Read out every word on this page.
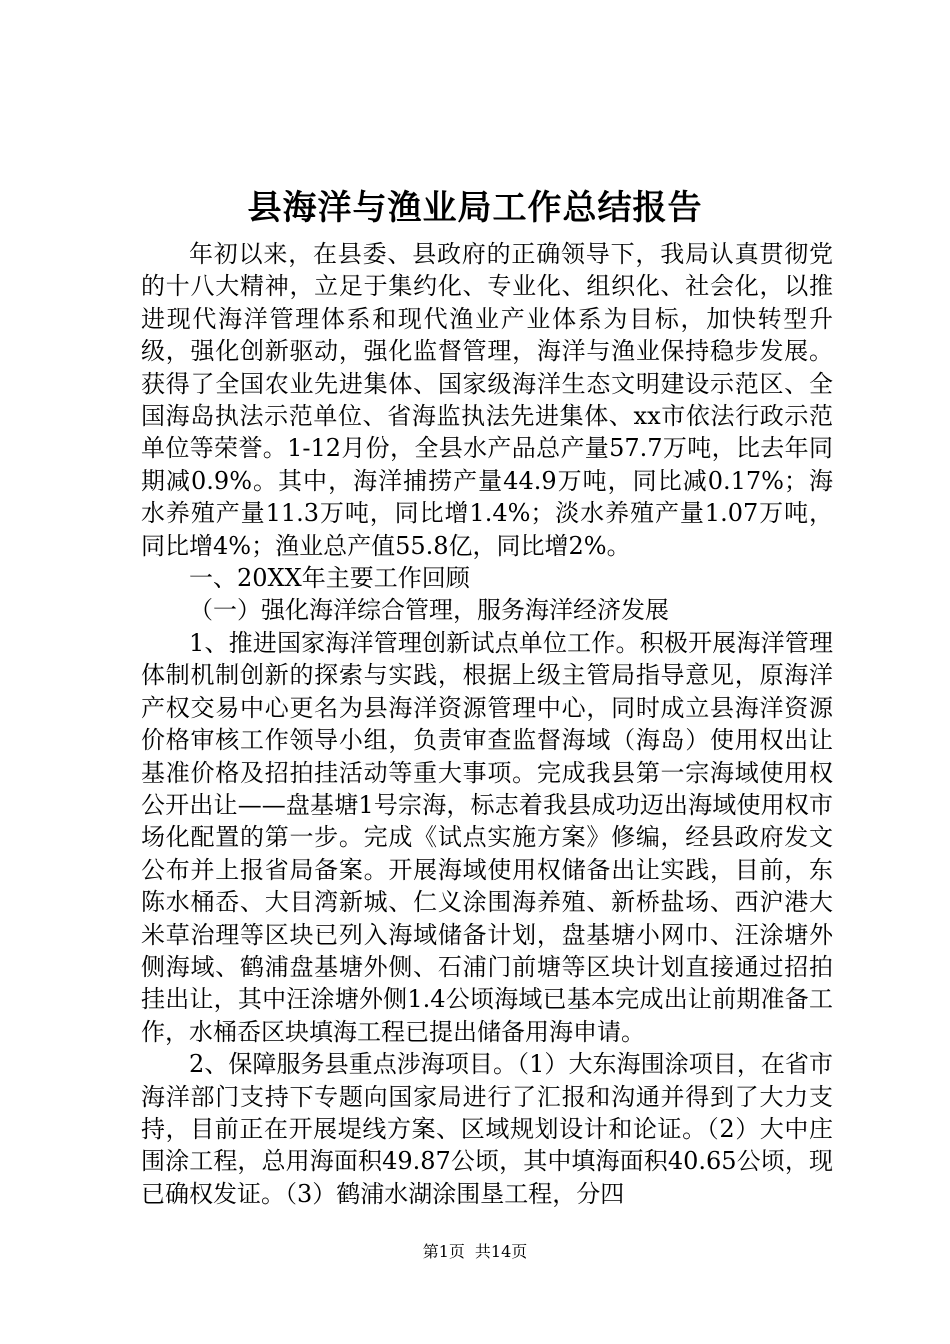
县海洋与渔业局工作总结报告

年初以来，在县委、县政府的正确领导下，我局认真贯彻党的十八大精神，立足于集约化、专业化、组织化、社会化，以推进现代海洋管理体系和现代渔业产业体系为目标，加快转型升级，强化创新驱动，强化监督管理，海洋与渔业保持稳步发展。获得了全国农业先进集体、国家级海洋生态文明建设示范区、全国海岛执法示范单位、省海监执法先进集体、xx市依法行政示范单位等荣誉。1-12月份，全县水产品总产量57.7万吨，比去年同期减0.9%。其中，海洋捕捞产量44.9万吨，同比减0.17%；海水养殖产量11.3万吨，同比增1.4%；淡水养殖产量1.07万吨，同比增4%；渔业总产值55.8亿，同比增2%。

一、20XX年主要工作回顾

（一）强化海洋综合管理，服务海洋经济发展

1、推进国家海洋管理创新试点单位工作。积极开展海洋管理体制机制创新的探索与实践，根据上级主管局指导意见，原海洋产权交易中心更名为县海洋资源管理中心，同时成立县海洋资源价格审核工作领导小组，负责审查监督海域（海岛）使用权出让基准价格及招拍挂活动等重大事项。完成我县第一宗海域使用权公开出让——盘基塘1号宗海，标志着我县成功迈出海域使用权市场化配置的第一步。完成《试点实施方案》修编，经县政府发文公布并上报省局备案。开展海域使用权储备出让实践，目前，东陈水桶岙、大目湾新城、仁义涂围海养殖、新桥盐场、西沪港大米草治理等区块已列入海域储备计划，盘基塘小网巾、汪涂塘外侧海域、鹤浦盘基塘外侧、石浦门前塘等区块计划直接通过招拍挂出让，其中汪涂塘外侧1.4公顷海域已基本完成出让前期准备工作，水桶岙区块填海工程已提出储备用海申请。

2、保障服务县重点涉海项目。（1）大东海围涂项目，在省市海洋部门支持下专题向国家局进行了汇报和沟通并得到了大力支持，目前正在开展堤线方案、区域规划设计和论证。（2）大中庄围涂工程，总用海面积49.87公顷，其中填海面积40.65公顷，现已确权发证。（3）鹤浦水湖涂围垦工程，分四

第1页 共14页
